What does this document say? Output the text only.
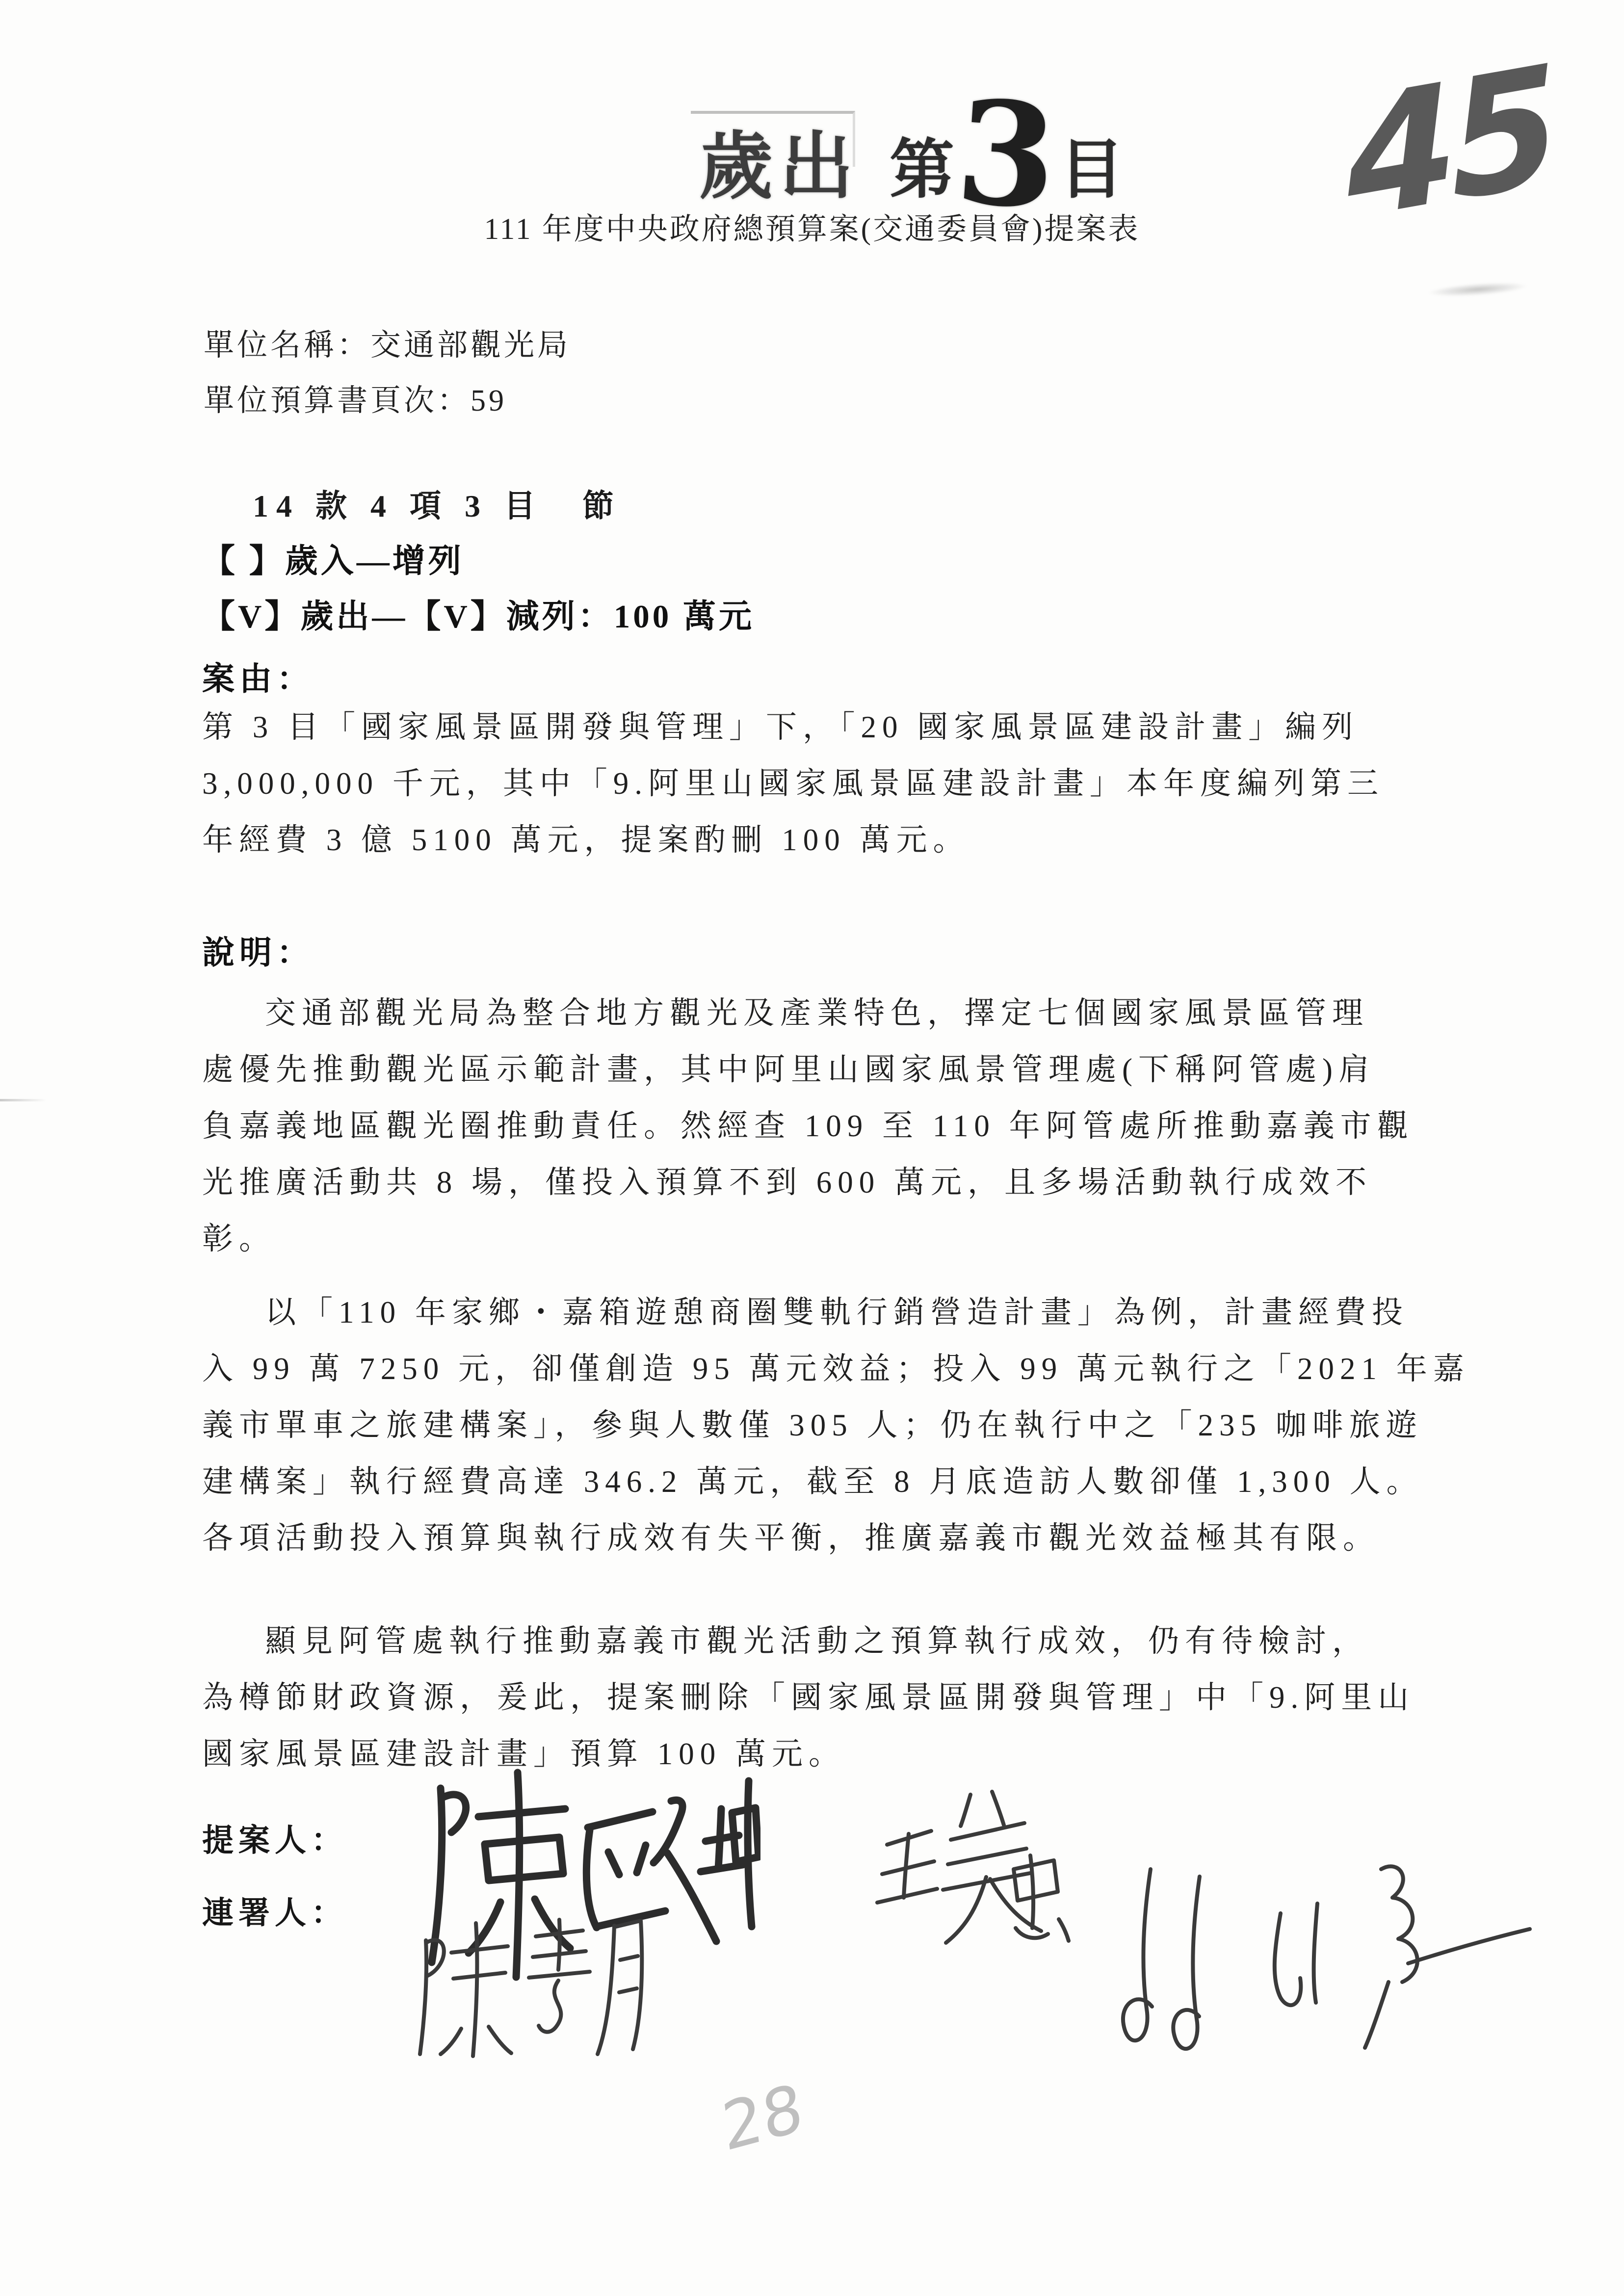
45
歲出 第
3
目
111 年度中央政府總預算案(交通委員會)提案表
單位名稱：交通部觀光局
單位預算書頁次：59
14 款 4 項 3 目　節
【 】歲入—增列
【V】歲出—【V】減列：100 萬元
案由：
第 3 目「國家風景區開發與管理」下，「20 國家風景區建設計畫」編列
3,000,000 千元，其中「9.阿里山國家風景區建設計畫」本年度編列第三
年經費 3 億 5100 萬元，提案酌刪 100 萬元。
說明：
交通部觀光局為整合地方觀光及產業特色，擇定七個國家風景區管理
處優先推動觀光區示範計畫，其中阿里山國家風景管理處(下稱阿管處)肩
負嘉義地區觀光圈推動責任。然經查 109 至 110 年阿管處所推動嘉義市觀
光推廣活動共 8 場，僅投入預算不到 600 萬元，且多場活動執行成效不
彰。
以「110 年家鄉・嘉箱遊憩商圈雙軌行銷營造計畫」為例，計畫經費投
入 99 萬 7250 元，卻僅創造 95 萬元效益；投入 99 萬元執行之「2021 年嘉
義市單車之旅建構案」，參與人數僅 305 人；仍在執行中之「235 咖啡旅遊
建構案」執行經費高達 346.2 萬元，截至 8 月底造訪人數卻僅 1,300 人。
各項活動投入預算與執行成效有失平衡，推廣嘉義市觀光效益極其有限。
顯見阿管處執行推動嘉義市觀光活動之預算執行成效，仍有待檢討，
為樽節財政資源，爰此，提案刪除「國家風景區開發與管理」中「9.阿里山
國家風景區建設計畫」預算 100 萬元。
提案人：
連署人：
28
